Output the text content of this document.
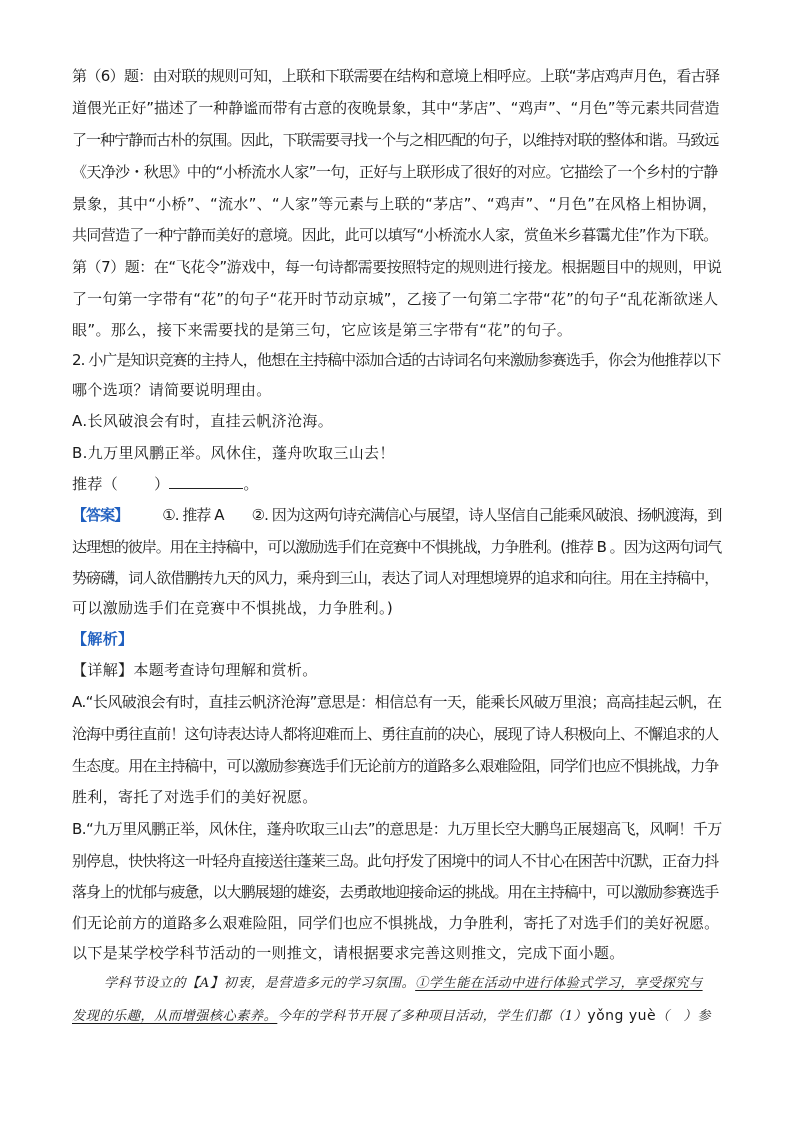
第（6）题：由对联的规则可知，上联和下联需要在结构和意境上相呼应。上联“茅店鸡声月色，看古驿
道偎光正好”描述了一种静谧而带有古意的夜晚景象，其中“茅店”、“鸡声”、“月色”等元素共同营造
了一种宁静而古朴的氛围。因此，下联需要寻找一个与之相匹配的句子，以维持对联的整体和谐。马致远
《天净沙・秋思》中的“小桥流水人家”一句，正好与上联形成了很好的对应。它描绘了一个乡村的宁静
景象，其中“小桥”、“流水”、“人家”等元素与上联的“茅店”、“鸡声”、“月色”在风格上相协调，
共同营造了一种宁静而美好的意境。因此，此可以填写“小桥流水人家，赏鱼米乡暮霭尤佳”作为下联。
第（7）题：在“飞花令”游戏中，每一句诗都需要按照特定的规则进行接龙。根据题目中的规则，甲说
了一句第一字带有“花”的句子“花开时节动京城”，乙接了一句第二字带“花”的句子“乱花渐欲迷人
眼”。那么，接下来需要找的是第三句，它应该是第三字带有“花”的句子。
2. 小广是知识竞赛的主持人，他想在主持稿中添加合适的古诗词名句来激励参赛选手，你会为他推荐以下
哪个选项？请简要说明理由。
A.长风破浪会有时，直挂云帆济沧海。
B.九万里风鹏正举。风休住，蓬舟吹取三山去！
推荐（ ）	。
【答案】 ①. 推荐 A　　②. 因为这两句诗充满信心与展望，诗人坚信自己能乘风破浪、扬帆渡海，到
达理想的彼岸。用在主持稿中，可以激励选手们在竞赛中不惧挑战，力争胜利。(推荐 B 。因为这两句词气
势磅礴，词人欲借鹏抟九天的风力，乘舟到三山，表达了词人对理想境界的追求和向往。用在主持稿中，
可以激励选手们在竞赛中不惧挑战，力争胜利。)
【解析】
【详解】本题考查诗句理解和赏析。
A.“长风破浪会有时，直挂云帆济沧海”意思是：相信总有一天，能乘长风破万里浪；高高挂起云帆，在
沧海中勇往直前！这句诗表达诗人都将迎难而上、勇往直前的决心，展现了诗人积极向上、不懈追求的人
生态度。用在主持稿中，可以激励参赛选手们无论前方的道路多么艰难险阻，同学们也应不惧挑战，力争
胜利，寄托了对选手们的美好祝愿。
B.“九万里风鹏正举，风休住，蓬舟吹取三山去”的意思是：九万里长空大鹏鸟正展翅高飞，风啊！千万
别停息，快快将这一叶轻舟直接送往蓬莱三岛。此句抒发了困境中的词人不甘心在困苦中沉默，正奋力抖
落身上的忧郁与疲惫，以大鹏展翅的雄姿，去勇敢地迎接命运的挑战。用在主持稿中，可以激励参赛选手
们无论前方的道路多么艰难险阻，同学们也应不惧挑战，力争胜利，寄托了对选手们的美好祝愿。
以下是某学校学科节活动的一则推文，请根据要求完善这则推文，完成下面小题。
学科节设立的【A】初衷，是营造多元的学习氛围。①学生能在活动中进行体验式学习，享受探究与
发现的乐趣，从而增强核心素养。今年的学科节开展了多种项目活动，学生们都（1）yǒng yuè（　）参
